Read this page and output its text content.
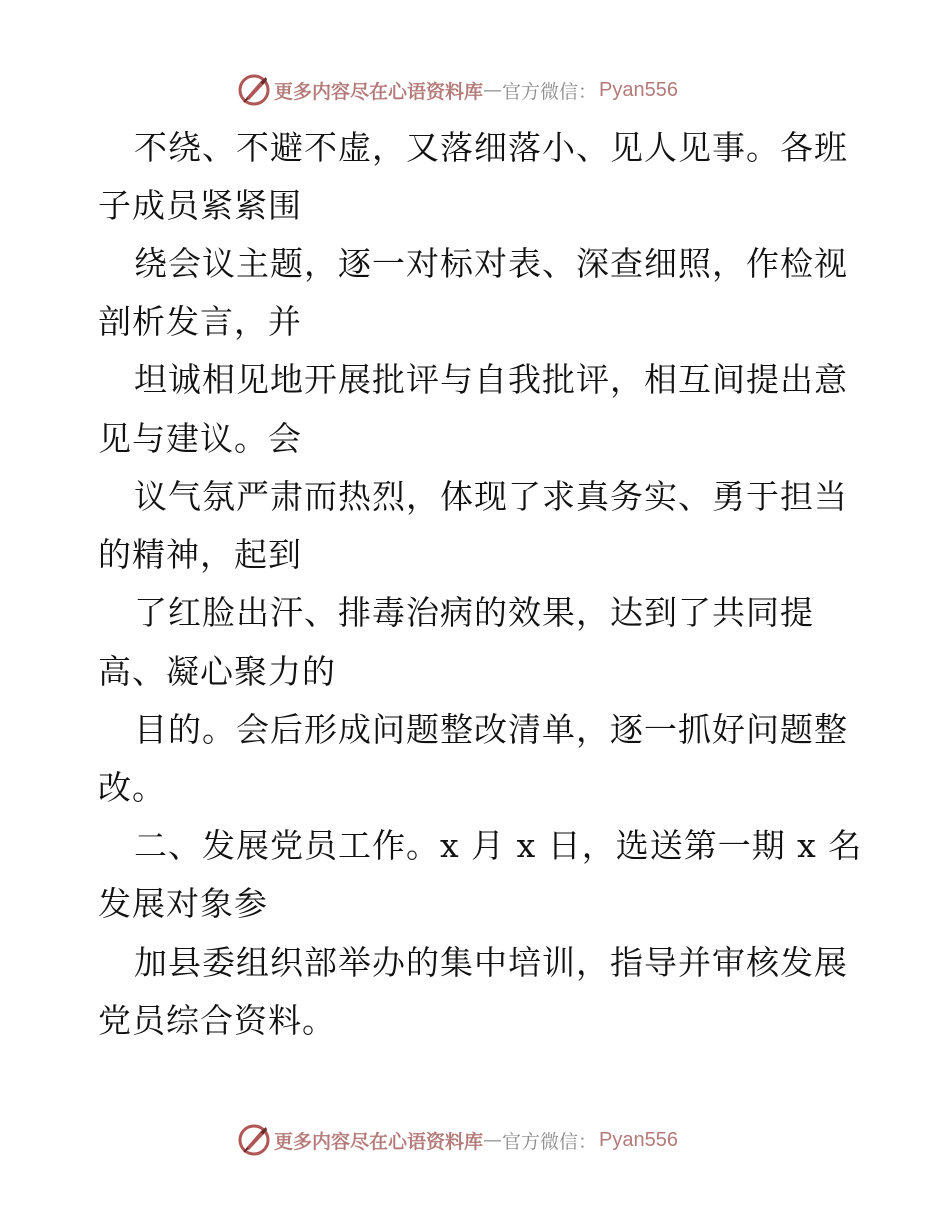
更多内容尽在心语资料库 — 官方微信： Pyan556
不绕、不避不虚，又落细落小、见人见事。各班
子成员紧紧围
绕会议主题，逐一对标对表、深查细照，作检视
剖析发言，并
坦诚相见地开展批评与自我批评，相互间提出意
见与建议。会
议气氛严肃而热烈，体现了求真务实、勇于担当
的精神，起到
了红脸出汗、排毒治病的效果，达到了共同提
高、凝心聚力的
目的。会后形成问题整改清单，逐一抓好问题整
改。
二、发展党员工作。x 月 x 日，选送第一期 x 名
发展对象参
加县委组织部举办的集中培训，指导并审核发展
党员综合资料。
更多内容尽在心语资料库 — 官方微信： Pyan556
